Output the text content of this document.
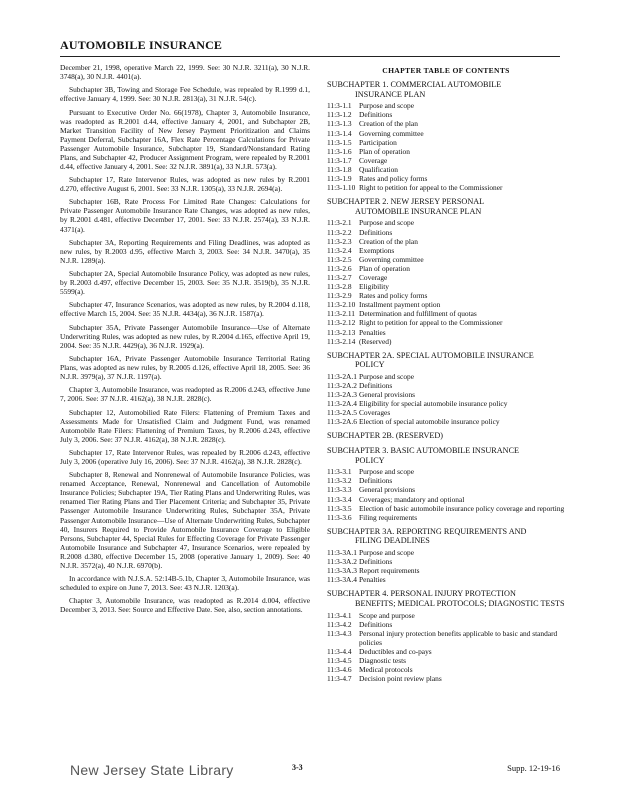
AUTOMOBILE INSURANCE

December 21, 1998, operative March 22, 1999. See: 30 N.J.R. 3211(a), 30 N.J.R. 3748(a), 30 N.J.R. 4401(a).

Subchapter 3B, Towing and Storage Fee Schedule, was repealed by R.1999 d.1, effective January 4, 1999. See: 30 N.J.R. 2813(a), 31 N.J.R. 54(c).

Pursuant to Executive Order No. 66(1978), Chapter 3, Automobile Insurance, was readopted as R.2001 d.44, effective January 4, 2001, and Subchapter 2B, Market Transition Facility of New Jersey Payment Prioritization and Claims Payment Deferral, Subchapter 16A, Flex Rate Percentage Calculations for Private Passenger Automobile Insurance, Subchapter 19, Standard/Nonstandard Rating Plans, and Subchapter 42, Producer Assignment Program, were repealed by R.2001 d.44, effective January 4, 2001. See: 32 N.J.R. 3891(a), 33 N.J.R. 573(a).

Subchapter 17, Rate Intervenor Rules, was adopted as new rules by R.2001 d.270, effective August 6, 2001. See: 33 N.J.R. 1305(a), 33 N.J.R. 2694(a).

Subchapter 16B, Rate Process For Limited Rate Changes: Calculations for Private Passenger Automobile Insurance Rate Changes, was adopted as new rules, by R.2001 d.481, effective December 17, 2001. See: 33 N.J.R. 2574(a), 33 N.J.R. 4371(a).

Subchapter 3A, Reporting Requirements and Filing Deadlines, was adopted as new rules, by R.2003 d.95, effective March 3, 2003. See: 34 N.J.R. 3470(a), 35 N.J.R. 1289(a).

Subchapter 2A, Special Automobile Insurance Policy, was adopted as new rules, by R.2003 d.497, effective December 15, 2003. See: 35 N.J.R. 3519(b), 35 N.J.R. 5599(a).

Subchapter 47, Insurance Scenarios, was adopted as new rules, by R.2004 d.118, effective March 15, 2004. See: 35 N.J.R. 4434(a), 36 N.J.R. 1587(a).

Subchapter 35A, Private Passenger Automobile Insurance—Use of Alternate Underwriting Rules, was adopted as new rules, by R.2004 d.165, effective April 19, 2004. See: 35 N.J.R. 4429(a), 36 N.J.R. 1929(a).

Subchapter 16A, Private Passenger Automobile Insurance Territorial Rating Plans, was adopted as new rules, by R.2005 d.126, effective April 18, 2005. See: 36 N.J.R. 3979(a), 37 N.J.R. 1197(a).

Chapter 3, Automobile Insurance, was readopted as R.2006 d.243, effective June 7, 2006. See: 37 N.J.R. 4162(a), 38 N.J.R. 2828(c).

Subchapter 12, Automobilied Rate Filers: Flattening of Premium Taxes and Assessments Made for Unsatisfied Claim and Judgment Fund, was renamed Automobile Rate Filers: Flattening of Premium Taxes, by R.2006 d.243, effective July 3, 2006. See: 37 N.J.R. 4162(a), 38 N.J.R. 2828(c).

Subchapter 17, Rate Intervenor Rules, was repealed by R.2006 d.243, effective July 3, 2006 (operative July 16, 2006). See: 37 N.J.R. 4162(a), 38 N.J.R. 2828(c).

Subchapter 8, Renewal and Nonrenewal of Automobile Insurance Policies, was renamed Acceptance, Renewal, Nonrenewal and Cancellation of Automobile Insurance Policies; Subchapter 19A, Tier Rating Plans and Underwriting Rules, was renamed Tier Rating Plans and Tier Placement Criteria; and Subchapter 35, Private Passenger Automobile Insurance Underwriting Rules, Subchapter 35A, Private Passenger Automobile Insurance—Use of Alternate Underwriting Rules, Subchapter 40, Insurers Required to Provide Automobile Insurance Coverage to Eligible Persons, Subchapter 44, Special Rules for Effecting Coverage for Private Passenger Automobile Insurance and Subchapter 47, Insurance Scenarios, were repealed by R.2008 d.380, effective December 15, 2008 (operative January 1, 2009). See: 40 N.J.R. 3572(a), 40 N.J.R. 6970(b).

In accordance with N.J.S.A. 52:14B-5.1b, Chapter 3, Automobile Insurance, was scheduled to expire on June 7, 2013. See: 43 N.J.R. 1203(a).

Chapter 3, Automobile Insurance, was readopted as R.2014 d.004, effective December 3, 2013. See: Source and Effective Date. See, also, section annotations.

CHAPTER TABLE OF CONTENTS
SUBCHAPTER 1. COMMERCIAL AUTOMOBILE
INSURANCE PLAN
11:3-1.1	Purpose and scope
11:3-1.2	Definitions
11:3-1.3	Creation of the plan
11:3-1.4	Governing committee
11:3-1.5	Participation
11:3-1.6	Plan of operation
11:3-1.7	Coverage
11:3-1.8	Qualification
11:3-1.9	Rates and policy forms
11:3-1.10 Right to petition for appeal to the Commissioner
SUBCHAPTER 2. NEW JERSEY PERSONAL
AUTOMOBILE INSURANCE PLAN
11:3-2.1	Purpose and scope
11:3-2.2	Definitions
11:3-2.3	Creation of the plan
11:3-2.4	Exemptions
11:3-2.5	Governing committee
11:3-2.6	Plan of operation
11:3-2.7	Coverage
11:3-2.8	Eligibility
11:3-2.9	Rates and policy forms
11:3-2.10 Installment payment option
11:3-2.11 Determination and fulfillment of quotas
11:3-2.12 Right to petition for appeal to the Commissioner
11:3-2.13 Penalties
11:3-2.14 (Reserved)
SUBCHAPTER 2A. SPECIAL AUTOMOBILE INSURANCE
POLICY
11:3-2A.1 Purpose and scope
11:3-2A.2 Definitions
11:3-2A.3 General provisions
11:3-2A.4 Eligibility for special automobile insurance policy
11:3-2A.5 Coverages
11:3-2A.6 Election of special automobile insurance policy
SUBCHAPTER 2B. (RESERVED)
SUBCHAPTER 3. BASIC AUTOMOBILE INSURANCE
POLICY
11:3-3.1	Purpose and scope
11:3-3.2	Definitions
11:3-3.3	General provisions
11:3-3.4	Coverages; mandatory and optional
11:3-3.5	Election of basic automobile insurance policy coverage and reporting
11:3-3.6	Filing requirements
SUBCHAPTER 3A. REPORTING REQUIREMENTS AND
FILING DEADLINES
11:3-3A.1 Purpose and scope
11:3-3A.2 Definitions
11:3-3A.3 Report requirements
11:3-3A.4 Penalties
SUBCHAPTER 4. PERSONAL INJURY PROTECTION
BENEFITS; MEDICAL PROTOCOLS; DIAGNOSTIC TESTS
11:3-4.1	Scope and purpose
11:3-4.2	Definitions
11:3-4.3	Personal injury protection benefits applicable to basic and standard policies
11:3-4.4	Deductibles and co-pays
11:3-4.5	Diagnostic tests
11:3-4.6	Medical protocols
11:3-4.7	Decision point review plans
New Jersey State Library	3-3	Supp. 12-19-16
